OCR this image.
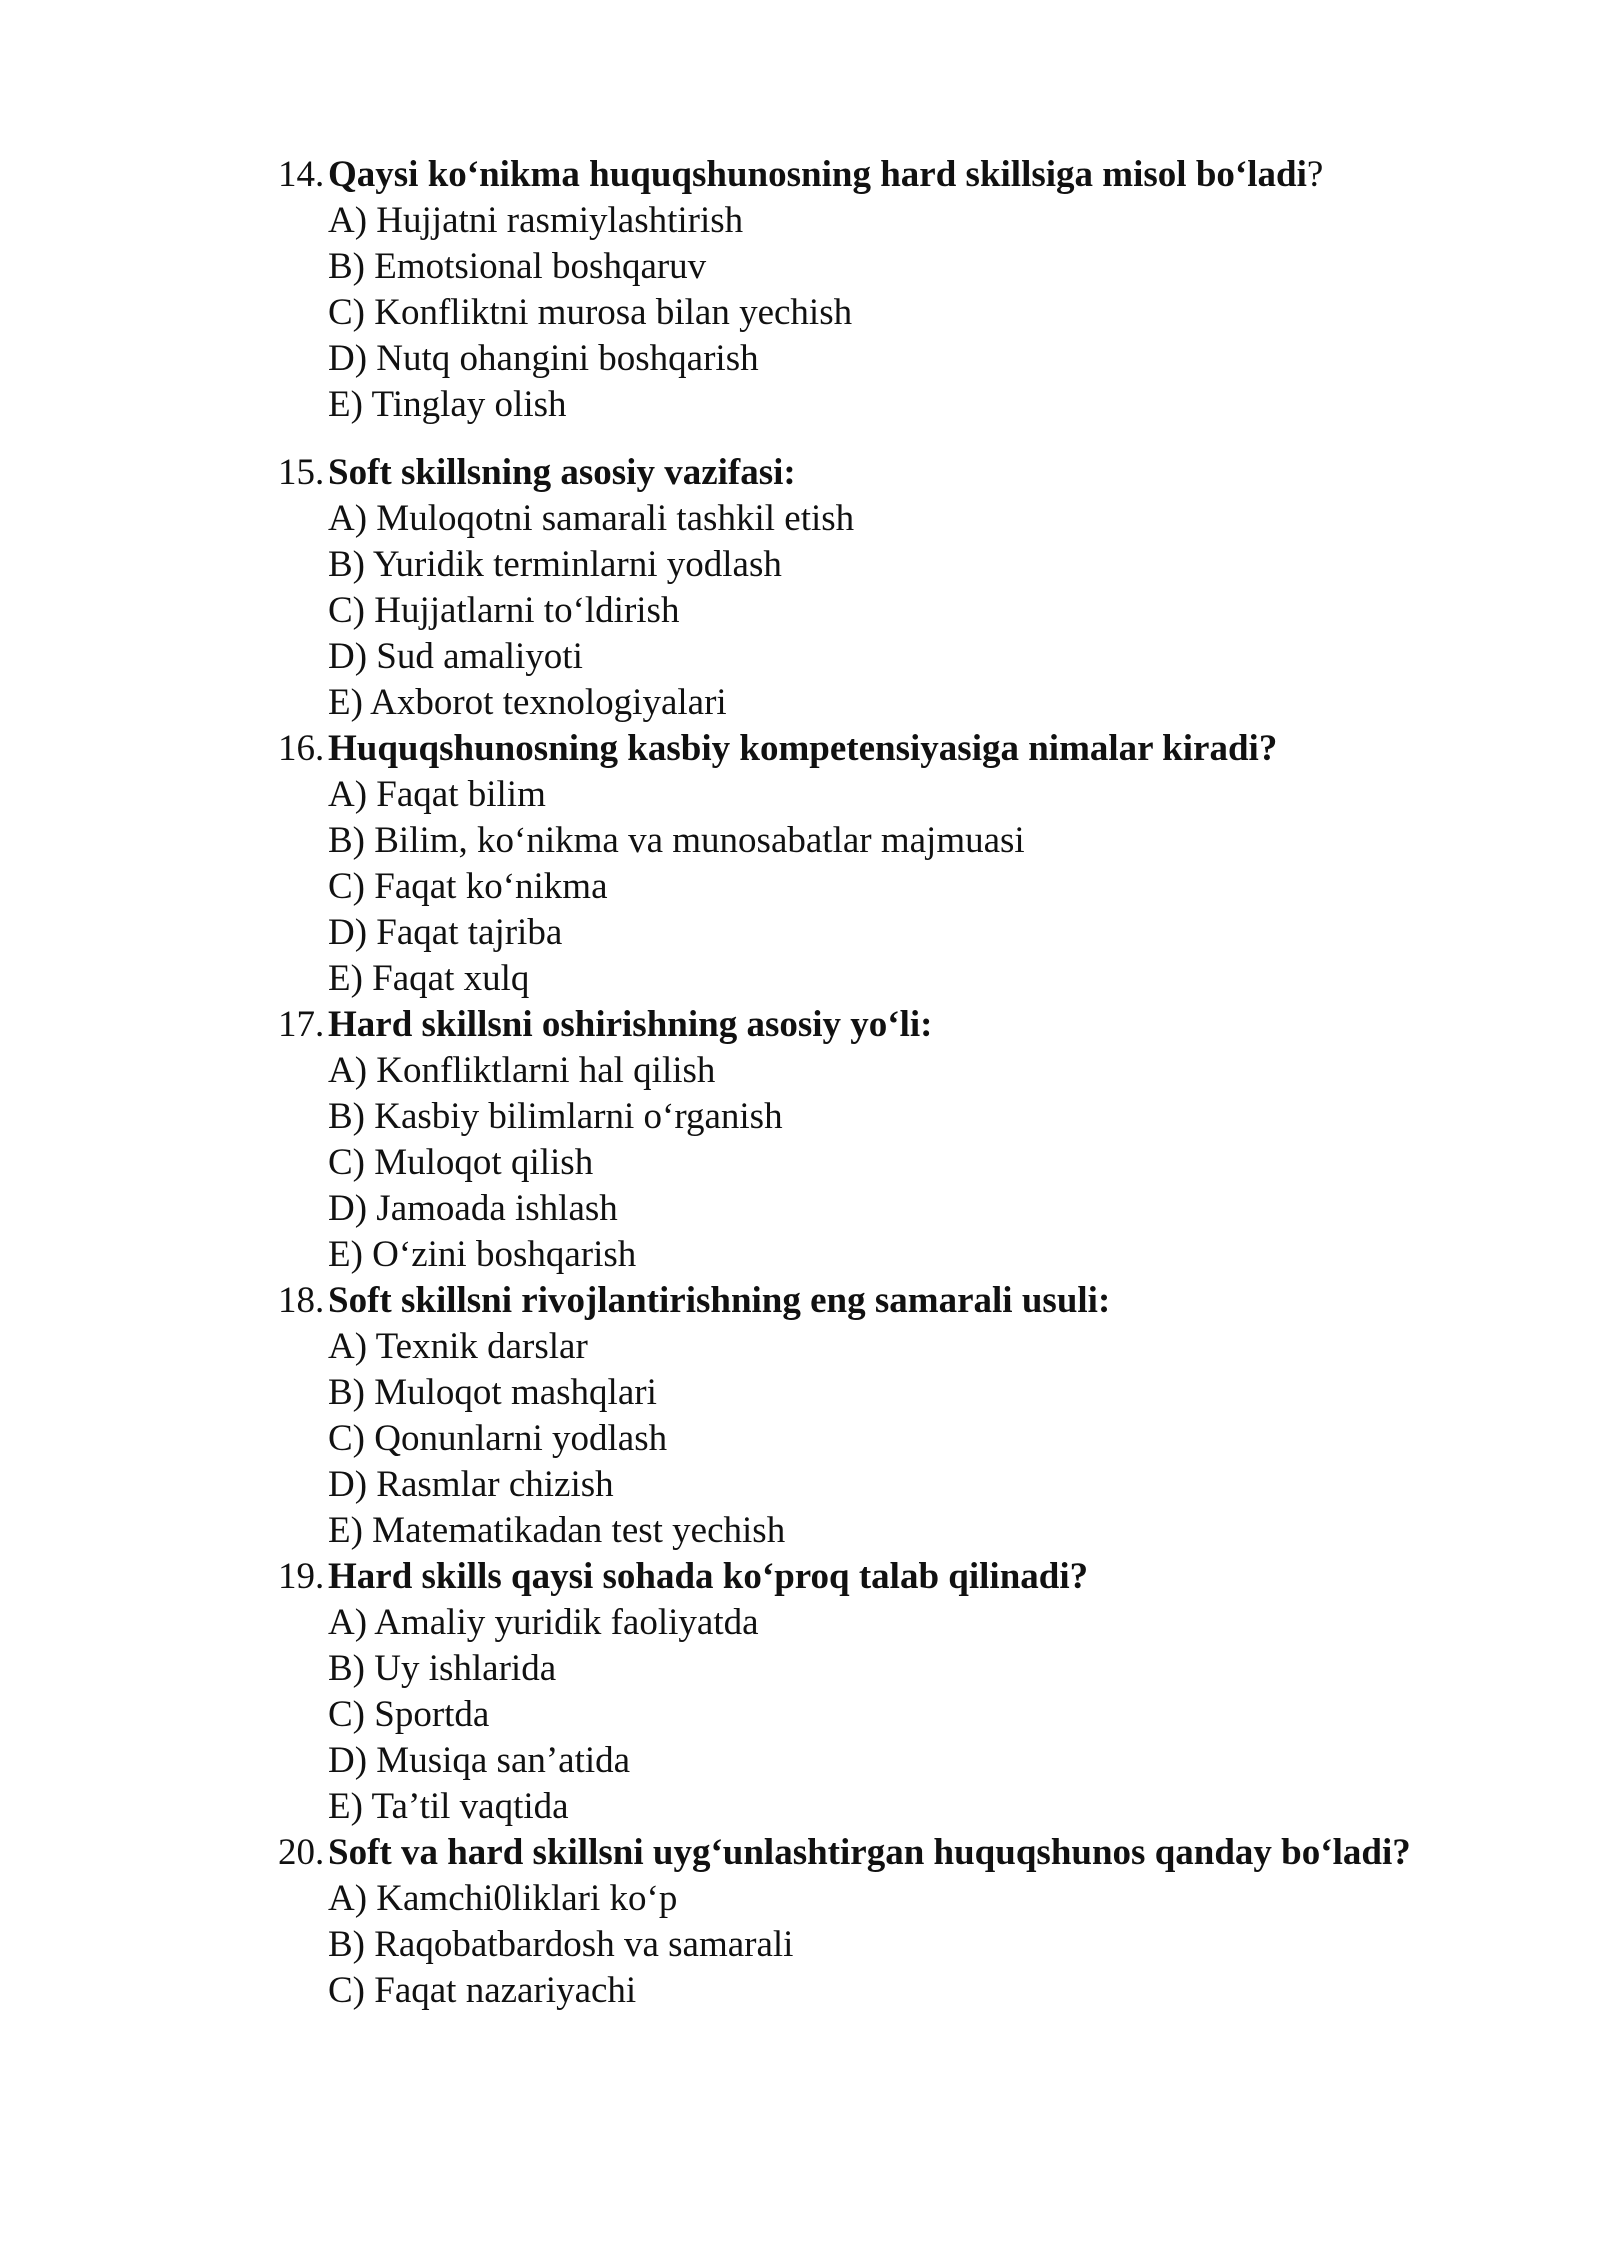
14. Qaysi ko‘nikma huquqshunosning hard skillsiga misol bo‘ladi ?
A) Hujjatni rasmiylashtirish
B) Emotsional boshqaruv
C) Konfliktni murosa bilan yechish
D) Nutq ohangini boshqarish
E) Tinglay olish
15. Soft skillsning asosiy vazifasi:
A) Muloqotni samarali tashkil etish
B) Yuridik terminlarni yodlash
C) Hujjatlarni to‘ldirish
D) Sud amaliyoti
E) Axborot texnologiyalari
16. Huquqshunosning kasbiy kompetensiyasiga nimalar kiradi?
A) Faqat bilim
B) Bilim, ko‘nikma va munosabatlar majmuasi
C) Faqat ko‘nikma
D) Faqat tajriba
E) Faqat xulq
17. Hard skillsni oshirishning asosiy yo‘li:
A) Konfliktlarni hal qilish
B) Kasbiy bilimlarni o‘rganish
C) Muloqot qilish
D) Jamoada ishlash
E) O‘zini boshqarish
18. Soft skillsni rivojlantirishning eng samarali usuli:
A) Texnik darslar
B) Muloqot mashqlari
C) Qonunlarni yodlash
D) Rasmlar chizish
E) Matematikadan test yechish
19. Hard skills qaysi sohada ko‘proq talab qilinadi?
A) Amaliy yuridik faoliyatda
B) Uy ishlarida
C) Sportda
D) Musiqa san’atida
E) Ta’til vaqtida
20. Soft va hard skillsni uyg‘unlashtirgan huquqshunos qanday bo‘ladi?
A) Kamchi0liklari ko‘p
B) Raqobatbardosh va samarali
C) Faqat nazariyachi
